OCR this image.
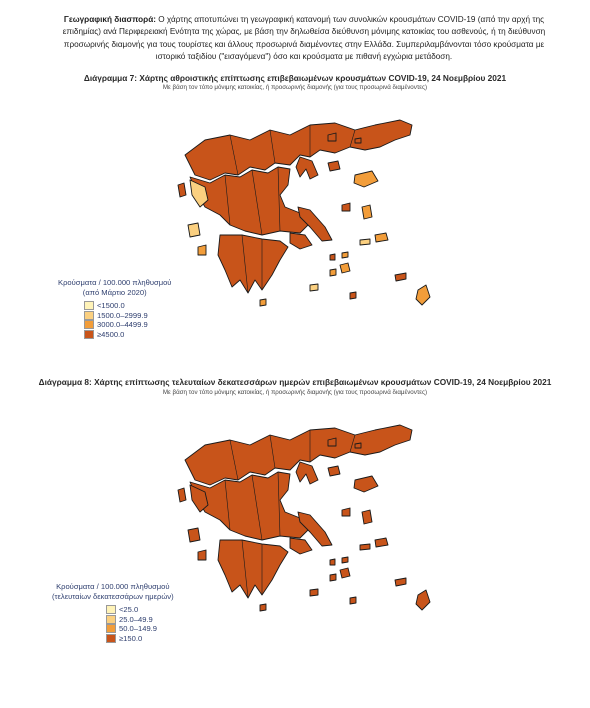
Γεωγραφική διασπορά: Ο χάρτης αποτυπώνει τη γεωγραφική κατανομή των συνολικών κρουσμάτων COVID-19 (από την αρχή της επιδημίας) ανά Περιφερειακή Ενότητα της χώρας, με βάση την δηλωθείσα διεύθυνση μόνιμης κατοικίας του ασθενούς, ή τη διεύθυνση προσωρινής διαμονής για τους τουρίστες και άλλους προσωρινά διαμένοντες στην Ελλάδα. Συμπεριλαμβάνονται τόσο κρούσματα με ιστορικό ταξιδίου ("εισαγόμενα") όσο και κρούσματα με πιθανή εγχώρια μετάδοση.
Διάγραμμα 7: Χάρτης αθροιστικής επίπτωσης επιβεβαιωμένων κρουσμάτων COVID-19, 24 Νοεμβρίου 2021
Με βάση τον τόπο μόνιμης κατοικίας, ή προσωρινής διαμονής (για τους προσωρινά διαμένοντες)
Κρούσματα / 100.000 πληθυσμού
(από Μάρτιο 2020)
<1500.0
1500.0–2999.9
3000.0–4499.9
≥4500.0
Διάγραμμα 8: Χάρτης επίπτωσης τελευταίων δεκατεσσάρων ημερών επιβεβαιωμένων κρουσμάτων COVID-19, 24 Νοεμβρίου 2021
Με βάση τον τόπο μόνιμης κατοικίας, ή προσωρινής διαμονής (για τους προσωρινά διαμένοντες)
Κρούσματα / 100.000 πληθυσμού
(τελευταίων δεκατεσσάρων ημερών)
<25.0
25.0–49.9
50.0–149.9
≥150.0
